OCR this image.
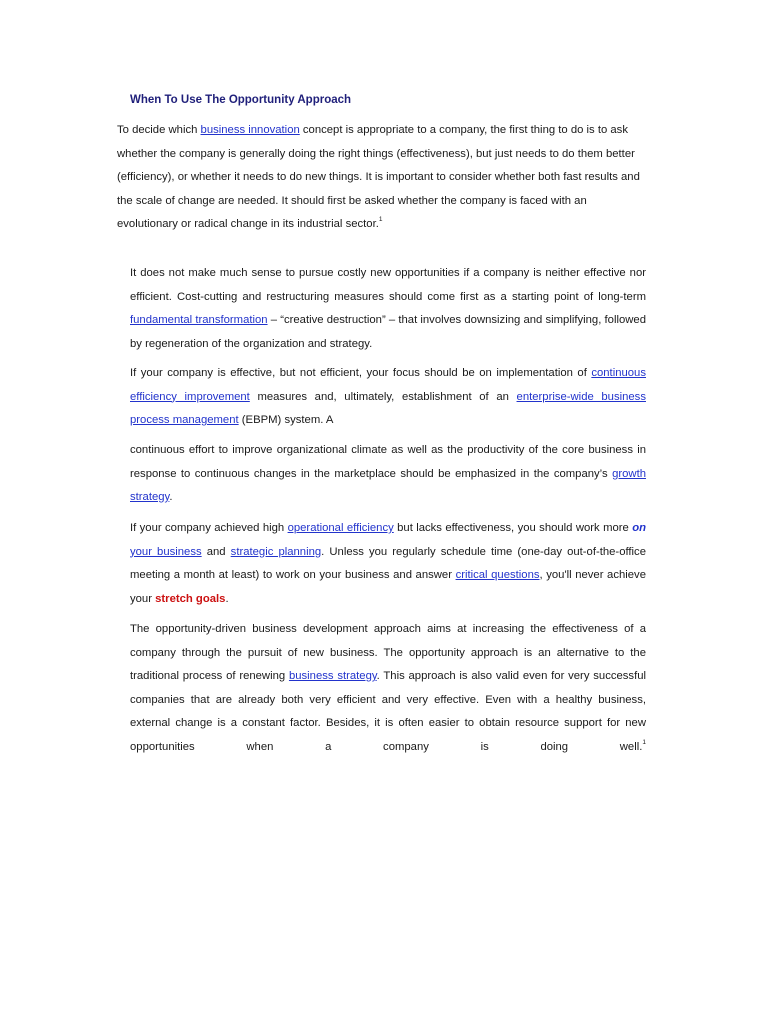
When To Use The Opportunity Approach

To decide which business innovation concept is appropriate to a company, the first thing to do is to ask whether the company is generally doing the right things (effectiveness), but just needs to do them better (efficiency), or whether it needs to do new things. It is important to consider whether both fast results and the scale of change are needed. It should first be asked whether the company is faced with an evolutionary or radical change in its industrial sector.$^1$

It does not make much sense to pursue costly new opportunities if a company is neither effective nor efficient. Cost-cutting and restructuring measures should come first as a starting point of long-term fundamental transformation – “creative destruction” – that involves downsizing and simplifying, followed by regeneration of the organization and strategy.

If your company is effective, but not efficient, your focus should be on implementation of continuous efficiency improvement measures and, ultimately, establishment of an enterprise-wide business process management (EBPM) system. A

continuous effort to improve organizational climate as well as the productivity of the core business in response to continuous changes in the marketplace should be emphasized in the company’s growth strategy.

If your company achieved high operational efficiency but lacks effectiveness, you should work more on your business and strategic planning. Unless you regularly schedule time (one-day out-of-the-office meeting a month at least) to work on your business and answer critical questions, you'll never achieve your stretch goals.

The opportunity-driven business development approach aims at increasing the effectiveness of a company through the pursuit of new business. The opportunity approach is an alternative to the traditional process of renewing business strategy. This approach is also valid even for very successful companies that are already both very efficient and very effective. Even with a healthy business, external change is a constant factor. Besides, it is often easier to obtain resource support for new opportunities when a company is doing well.$^1$
